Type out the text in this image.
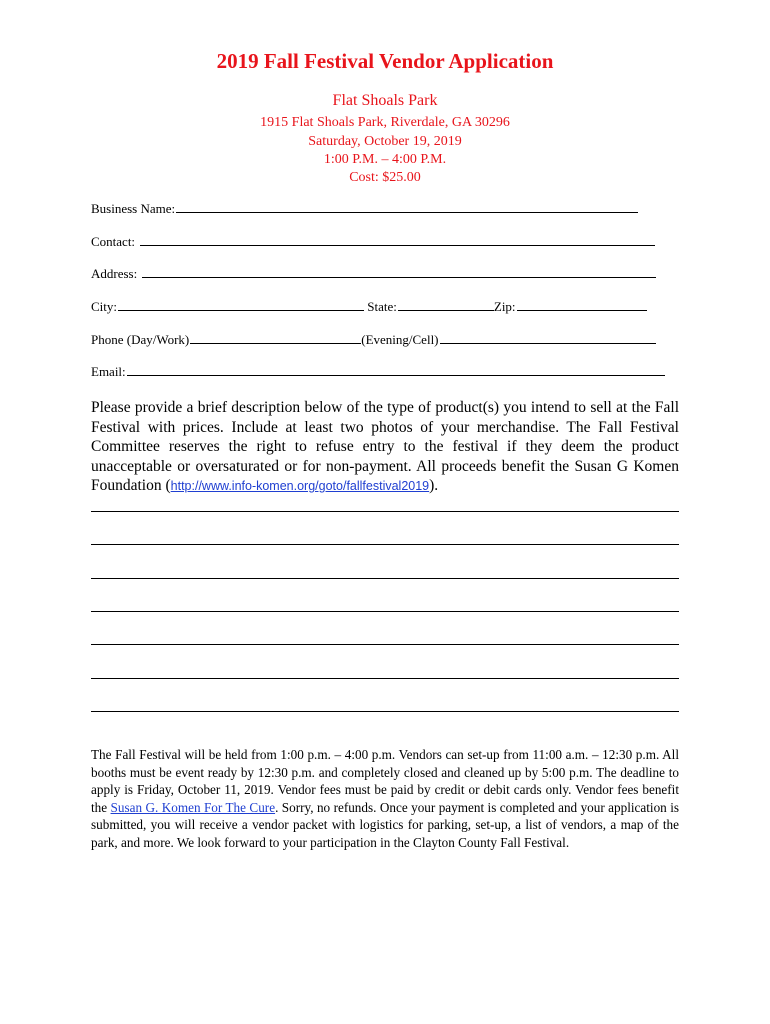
2019 Fall Festival Vendor Application
Flat Shoals Park
1915 Flat Shoals Park, Riverdale, GA 30296
Saturday, October 19, 2019
1:00 P.M. – 4:00 P.M.
Cost: $25.00
Business Name:
Contact:
Address:
City:	State:	Zip:
Phone (Day/Work)	(Evening/Cell)
Email:
Please provide a brief description below of the type of product(s) you intend to sell at the Fall Festival with prices. Include at least two photos of your merchandise. The Fall Festival Committee reserves the right to refuse entry to the festival if they deem the product unacceptable or oversaturated or for non-payment. All proceeds benefit the Susan G Komen Foundation (http://www.info-komen.org/goto/fallfestival2019).
The Fall Festival will be held from 1:00 p.m. – 4:00 p.m. Vendors can set-up from 11:00 a.m. – 12:30 p.m. All booths must be event ready by 12:30 p.m. and completely closed and cleaned up by 5:00 p.m. The deadline to apply is Friday, October 11, 2019. Vendor fees must be paid by credit or debit cards only. Vendor fees benefit the Susan G. Komen For The Cure. Sorry, no refunds. Once your payment is completed and your application is submitted, you will receive a vendor packet with logistics for parking, set-up, a list of vendors, a map of the park, and more. We look forward to your participation in the Clayton County Fall Festival.
